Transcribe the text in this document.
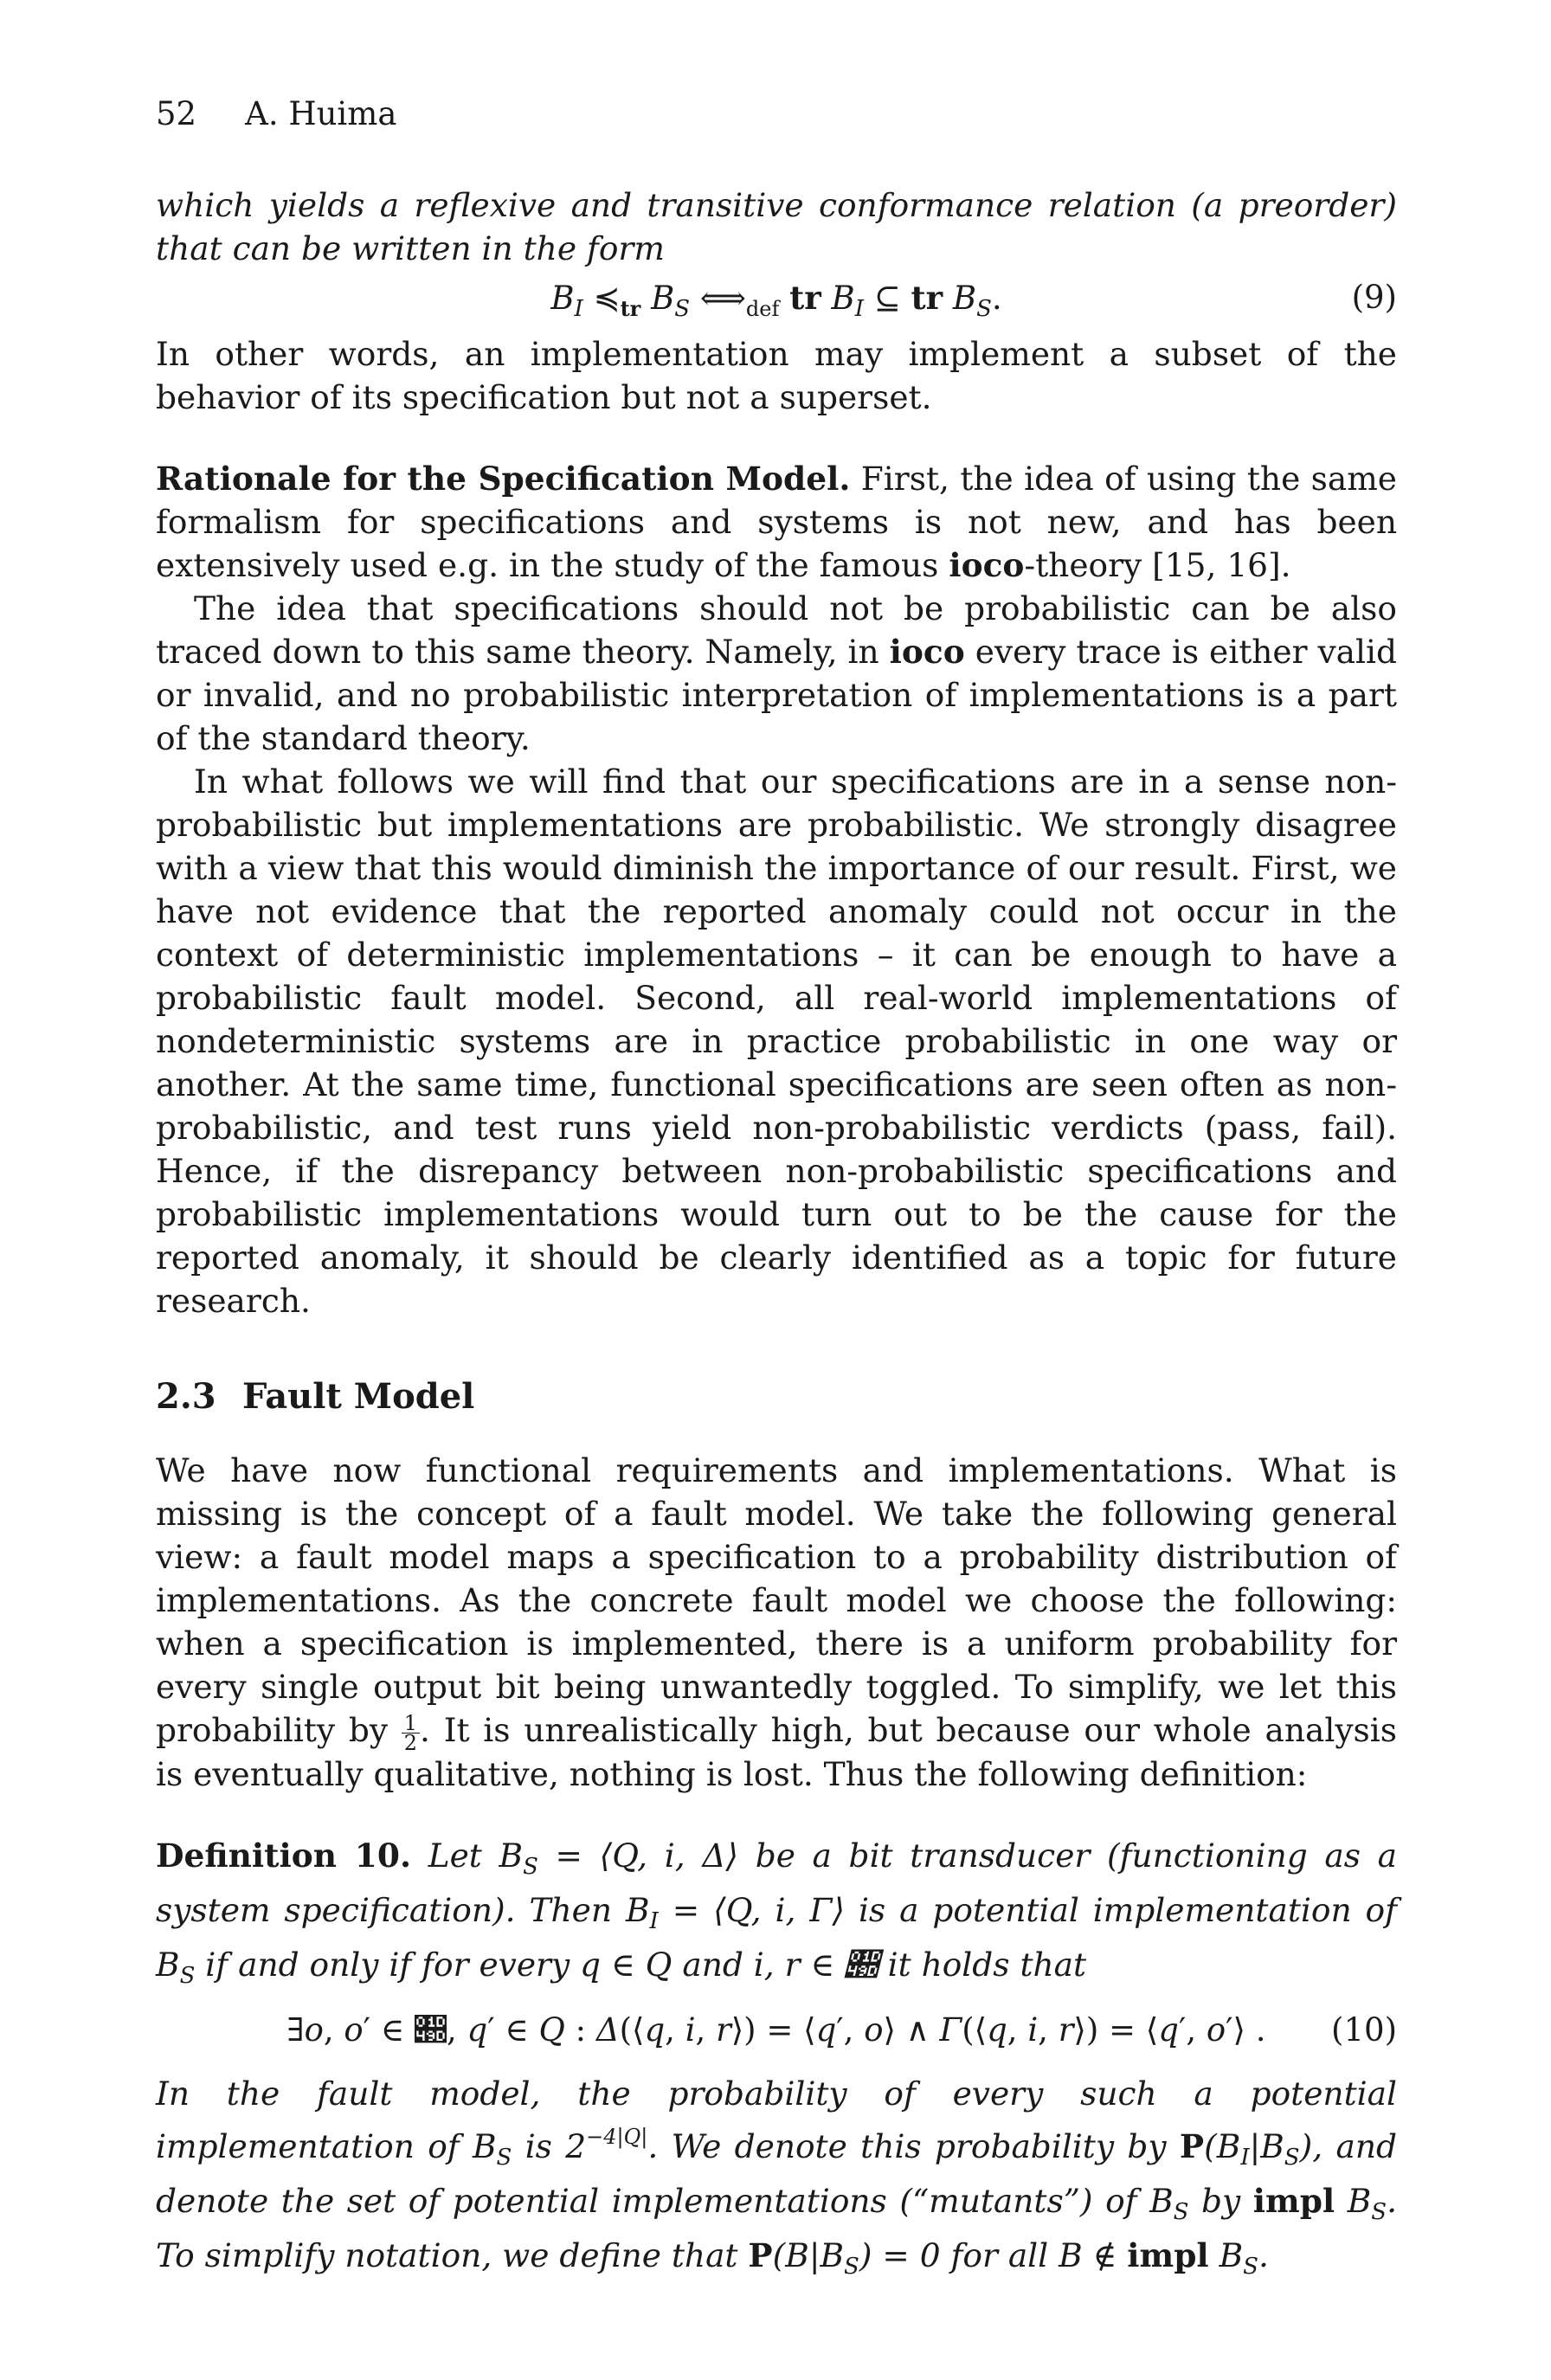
52 A. Huima

which yields a reflexive and transitive conformance relation (a preorder) that can be written in the form

$B_I$ $≼_{tr}$ $B_S$ $⟺_{def}$ tr $B_I$ ⊆ tr $B_S$.	(9)

In other words, an implementation may implement a subset of the behavior of its specification but not a superset.

Rationale for the Specification Model. First, the idea of using the same formalism for specifications and systems is not new, and has been extensively used e.g. in the study of the famous ioco-theory [15, 16].

The idea that specifications should not be probabilistic can be also traced down to this same theory. Namely, in ioco every trace is either valid or invalid, and no probabilistic interpretation of implementations is a part of the standard theory.

In what follows we will find that our specifications are in a sense non-probabilistic but implementations are probabilistic. We strongly disagree with a view that this would diminish the importance of our result. First, we have not evidence that the reported anomaly could not occur in the context of deterministic implementations – it can be enough to have a probabilistic fault model. Second, all real-world implementations of nondeterministic systems are in practice probabilistic in one way or another. At the same time, functional specifications are seen often as non-probabilistic, and test runs yield non-probabilistic verdicts (pass, fail). Hence, if the disrepancy between non-probabilistic specifications and probabilistic implementations would turn out to be the cause for the reported anomaly, it should be clearly identified as a topic for future research.

2.3 Fault Model

We have now functional requirements and implementations. What is missing is the concept of a fault model. We take the following general view: a fault model maps a specification to a probability distribution of implementations. As the concrete fault model we choose the following: when a specification is implemented, there is a uniform probability for every single output bit being unwantedly toggled. To simplify, we let this probability by $\frac{1}{2}$ . It is unrealistically high, but because our whole analysis is eventually qualitative, nothing is lost. Thus the following definition:

Definition 10. Let $B_S$ = ⟨Q, i, Δ⟩ be a bit transducer (functioning as a system specification). Then $B_I$ = ⟨Q, i, Γ⟩ is a potential implementation of $B_S$ if and only if for every q ∈ Q and i, r ∈ 𝒝 it holds that

∃o, o′ ∈ 𝒝, q′ ∈ Q : Δ(⟨q, i, r⟩) = ⟨q′, o⟩ ∧ Γ(⟨q, i, r⟩) = ⟨q′, o′⟩ .	(10)

In the fault model, the probability of every such a potential implementation of $B_S$ is $2^{-4|Q|}$. We denote this probability by $P(B_I|B_S)$, and denote the set of potential implementations (“mutants”) of $B_S$ by impl $B_S$. To simplify notation, we define that $P(B|B_S) = 0$ for all B ∉ impl $B_S$.
